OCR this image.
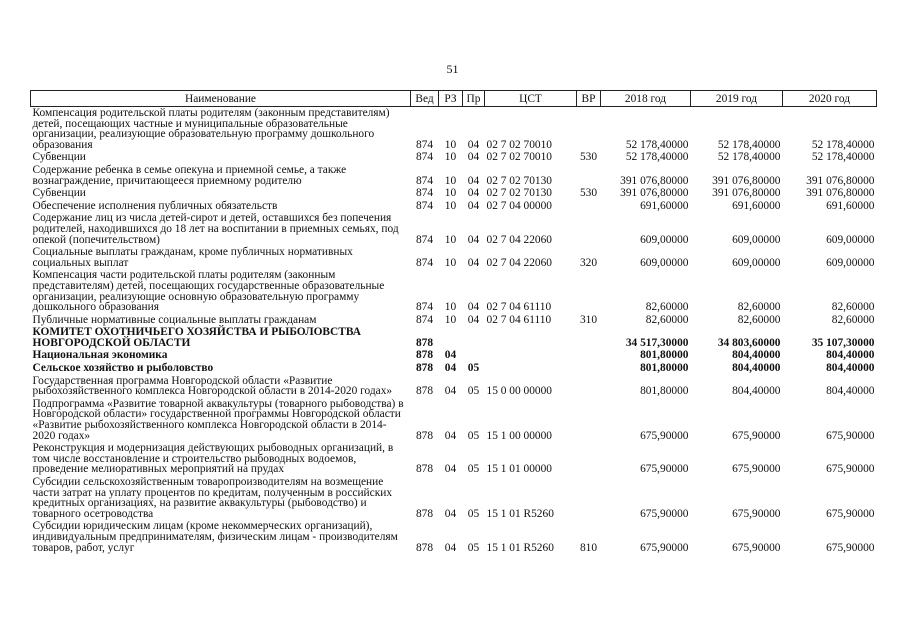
51
Наименование	Вед	РЗ	Пр	ЦСТ	ВР	2018 год	2019 год	2020 год
Компенсация родительской платы родителям (законным представителям) детей, посещающих частные и муниципальные образовательные организации, реализующие образовательную программу дошкольного образования	874	10	04	02 7 02 70010		52 178,40000	52 178,40000	52 178,40000
Субвенции	874	10	04	02 7 02 70010	530	52 178,40000	52 178,40000	52 178,40000
Содержание ребенка в семье опекуна и приемной семье, а также вознаграждение, причитающееся приемному родителю	874	10	04	02 7 02 70130		391 076,80000	391 076,80000	391 076,80000
Субвенции	874	10	04	02 7 02 70130	530	391 076,80000	391 076,80000	391 076,80000
Обеспечение исполнения публичных обязательств	874	10	04	02 7 04 00000		691,60000	691,60000	691,60000
Содержание лиц из числа детей-сирот и детей, оставшихся без попечения родителей, находившихся до 18 лет на воспитании в приемных семьях, под опекой (попечительством)	874	10	04	02 7 04 22060		609,00000	609,00000	609,00000
Социальные выплаты гражданам, кроме публичных нормативных социальных выплат	874	10	04	02 7 04 22060	320	609,00000	609,00000	609,00000
Компенсация части родительской платы родителям (законным представителям) детей, посещающих государственные образовательные организации, реализующие основную образовательную программу дошкольного образования	874	10	04	02 7 04 61110		82,60000	82,60000	82,60000
Публичные нормативные социальные выплаты гражданам	874	10	04	02 7 04 61110	310	82,60000	82,60000	82,60000
КОМИТЕТ ОХОТНИЧЬЕГО ХОЗЯЙСТВА И РЫБОЛОВСТВА НОВГОРОДСКОЙ ОБЛАСТИ	878					34 517,30000	34 803,60000	35 107,30000
Национальная экономика	878	04				801,80000	804,40000	804,40000
Сельское хозяйство и рыболовство	878	04	05			801,80000	804,40000	804,40000
Государственная программа Новгородской области «Развитие рыбохозяйственного комплекса Новгородской области в 2014-2020 годах»	878	04	05	15 0 00 00000		801,80000	804,40000	804,40000
Подпрограмма «Развитие товарной аквакультуры (товарного рыбоводства) в Новгородской области» государственной программы Новгородской области «Развитие рыбохозяйственного комплекса Новгородской области в 2014-2020 годах»	878	04	05	15 1 00 00000		675,90000	675,90000	675,90000
Реконструкция и модернизация действующих рыбоводных организаций, в том числе восстановление и строительство рыбоводных водоемов, проведение мелиоративных мероприятий на прудах	878	04	05	15 1 01 00000		675,90000	675,90000	675,90000
Субсидии сельскохозяйственным товаропроизводителям на возмещение части затрат на уплату процентов по кредитам, полученным в российских кредитных организациях, на развитие аквакультуры (рыбоводство) и товарного осетроводства	878	04	05	15 1 01 R5260		675,90000	675,90000	675,90000
Субсидии юридическим лицам (кроме некоммерческих организаций), индивидуальным предпринимателям, физическим лицам - производителям товаров, работ, услуг	878	04	05	15 1 01 R5260	810	675,90000	675,90000	675,90000
